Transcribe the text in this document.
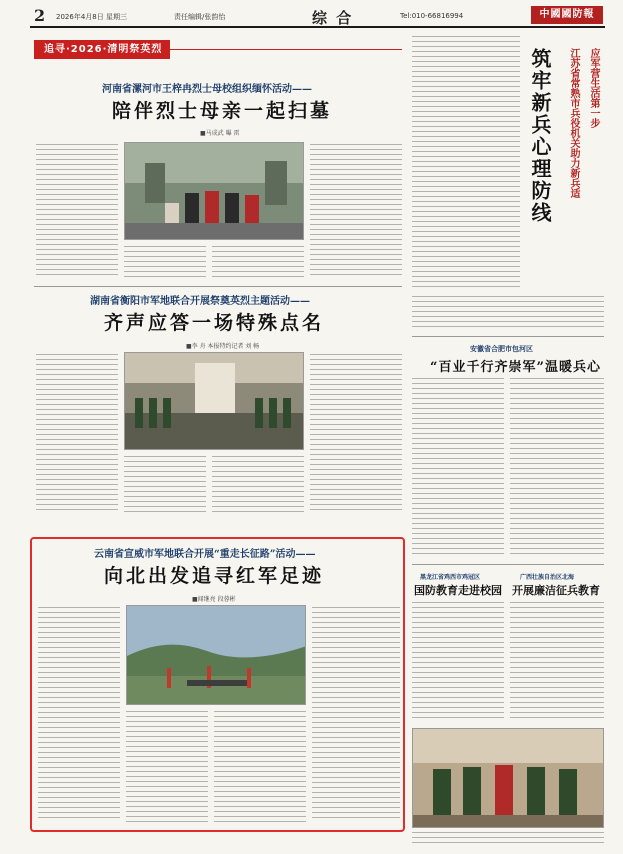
2 2026年4月8日 星期三	责任编辑/张韵怡	综 合	Tel:010-66816994	中國國防報
追寻·2026·清明祭英烈
河南省漯河市王梓冉烈士母校组织缅怀活动——
陪伴烈士母亲一起扫墓
■马成武 曝 雷
湖南省衡阳市军地联合开展祭奠英烈主题活动——
齐声应答一场特殊点名
■李 舟 本报特约记者 刘 畅
云南省宣威市军地联合开展“重走长征路”活动——
向北出发追寻红军足迹
■闻继亮 段蓉彬
筑牢新兵心理防线	江苏省常熟市兵役机关助力新兵适 应军营生活第一步
安徽省合肥市包河区
“百业千行齐崇军”温暖兵心
黑龙江省鸡西市鸡冠区
国防教育走进校园
广西壮族自治区北海
开展廉洁征兵教育
